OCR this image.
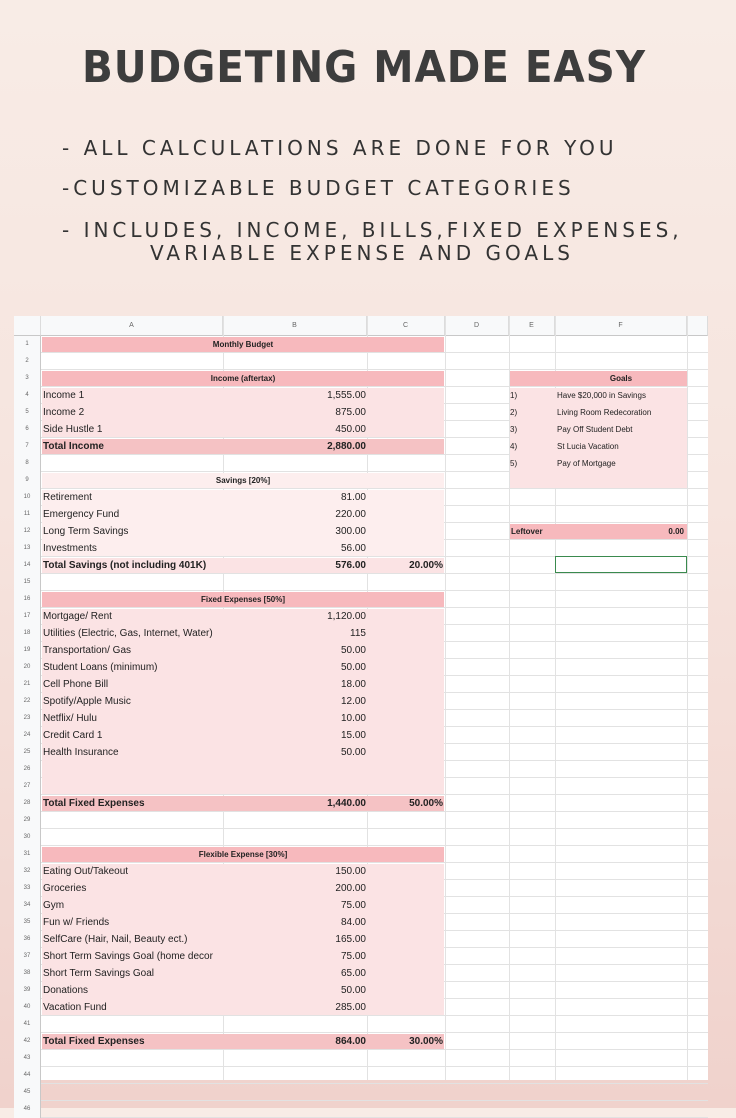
BUDGETING MADE EASY

- ALL CALCULATIONS ARE DONE FOR YOU

-CUSTOMIZABLE BUDGET CATEGORIES

- INCLUDES, INCOME, BILLS,FIXED EXPENSES,

VARIABLE EXPENSE AND GOALS

A	B	C	D	E	F
1
2
3
4
5
6
7
8
9
10
11
12
13
14
15
16
17
18
19
20
21
22
23
24
25
26
27
28
29
30
31
32
33
34
35
36
37
38
39
40
41
42
43
44
45
46
Monthly Budget
Income (aftertax)
Income 1	1,555.00
Income 2	875.00
Side Hustle 1	450.00
Total Income	2,880.00
Savings [20%]
Retirement	81.00
Emergency Fund	220.00
Long Term Savings	300.00
Investments	56.00
Total Savings (not including 401K)	576.00	20.00%
Fixed Expenses [50%]
Mortgage/ Rent	1,120.00
Utilities (Electric, Gas, Internet, Water)	115
Transportation/ Gas	50.00
Student Loans (minimum)	50.00
Cell Phone Bill	18.00
Spotify/Apple Music	12.00
Netflix/ Hulu	10.00
Credit Card 1	15.00
Health Insurance	50.00
Total Fixed Expenses	1,440.00	50.00%
Flexible Expense [30%]
Eating Out/Takeout	150.00
Groceries	200.00
Gym	75.00
Fun w/ Friends	84.00
SelfCare (Hair, Nail, Beauty ect.)	165.00
Short Term Savings Goal (home decor	75.00
Short Term Savings Goal	65.00
Donations	50.00
Vacation Fund	285.00
Total Fixed Expenses	864.00	30.00%
Goals
1)	Have $20,000 in Savings
2)	Living Room Redecoration
3)	Pay Off Student Debt
4)	St Lucia Vacation
5)	Pay of Mortgage
Leftover	0.00
